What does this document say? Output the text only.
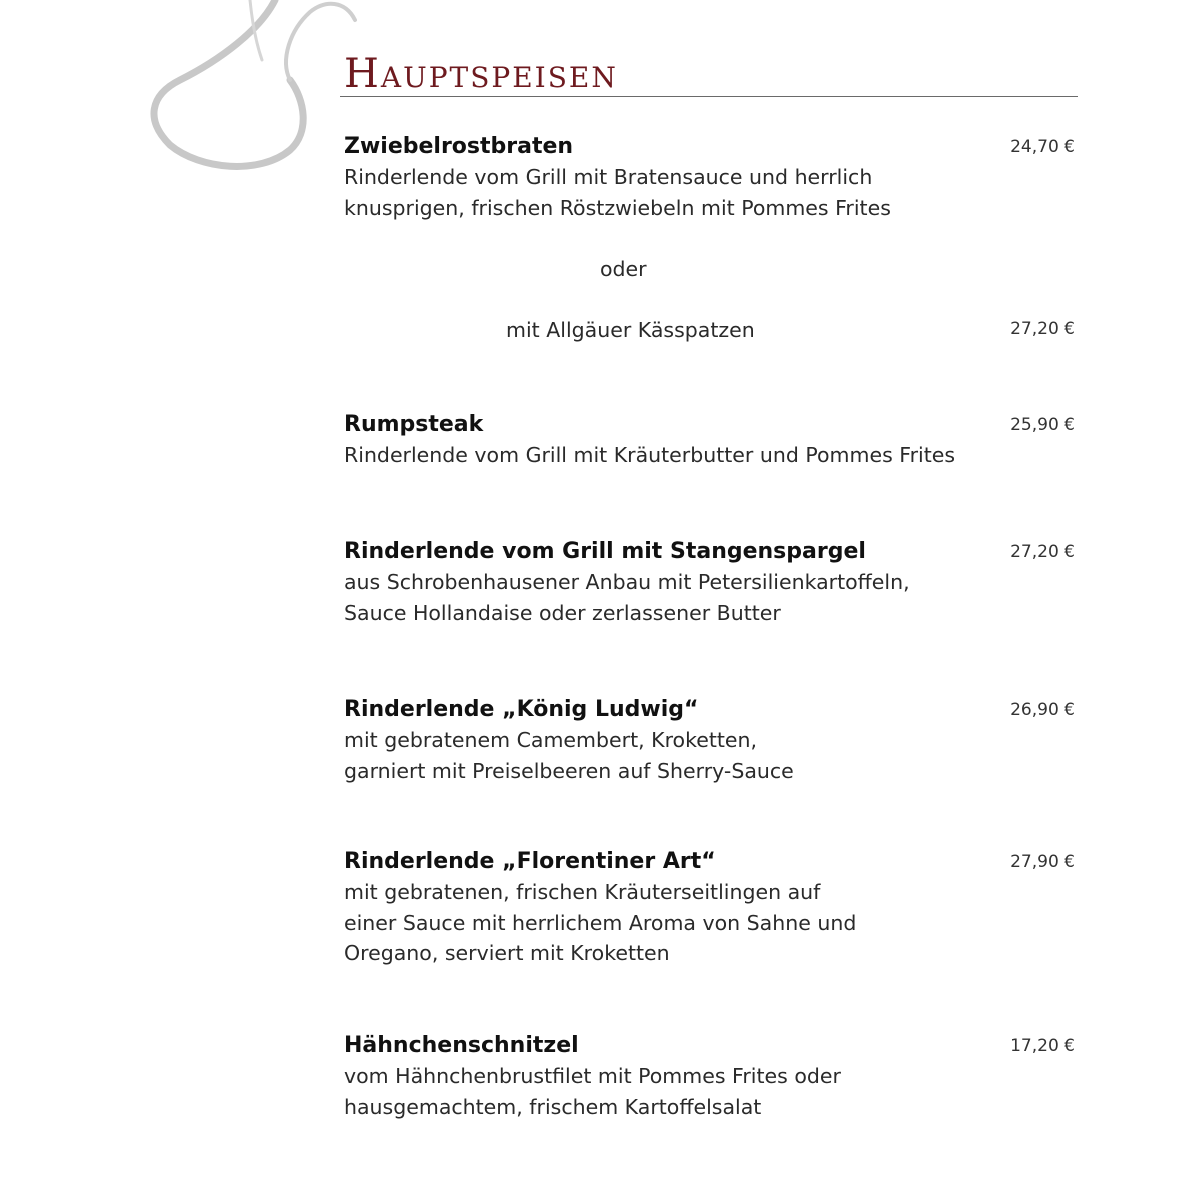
Hauptspeisen
Zwiebelrostbraten
Rinderlende vom Grill mit Bratensauce und herrlich
knusprigen, frischen Röstzwiebeln mit Pommes Frites
24,70 €
oder
mit Allgäuer Kässpatzen	27,20 €
Rumpsteak
Rinderlende vom Grill mit Kräuterbutter und Pommes Frites
25,90 €
Rinderlende vom Grill mit Stangenspargel
aus Schrobenhausener Anbau mit Petersilienkartoffeln,
Sauce Hollandaise oder zerlassener Butter
27,20 €
Rinderlende „König Ludwig“
mit gebratenem Camembert, Kroketten,
garniert mit Preiselbeeren auf Sherry-Sauce
26,90 €
Rinderlende „Florentiner Art“
mit gebratenen, frischen Kräuterseitlingen auf
einer Sauce mit herrlichem Aroma von Sahne und
Oregano, serviert mit Kroketten
27,90 €
Hähnchenschnitzel
vom Hähnchenbrustfilet mit Pommes Frites oder
hausgemachtem, frischem Kartoffelsalat
17,20 €
